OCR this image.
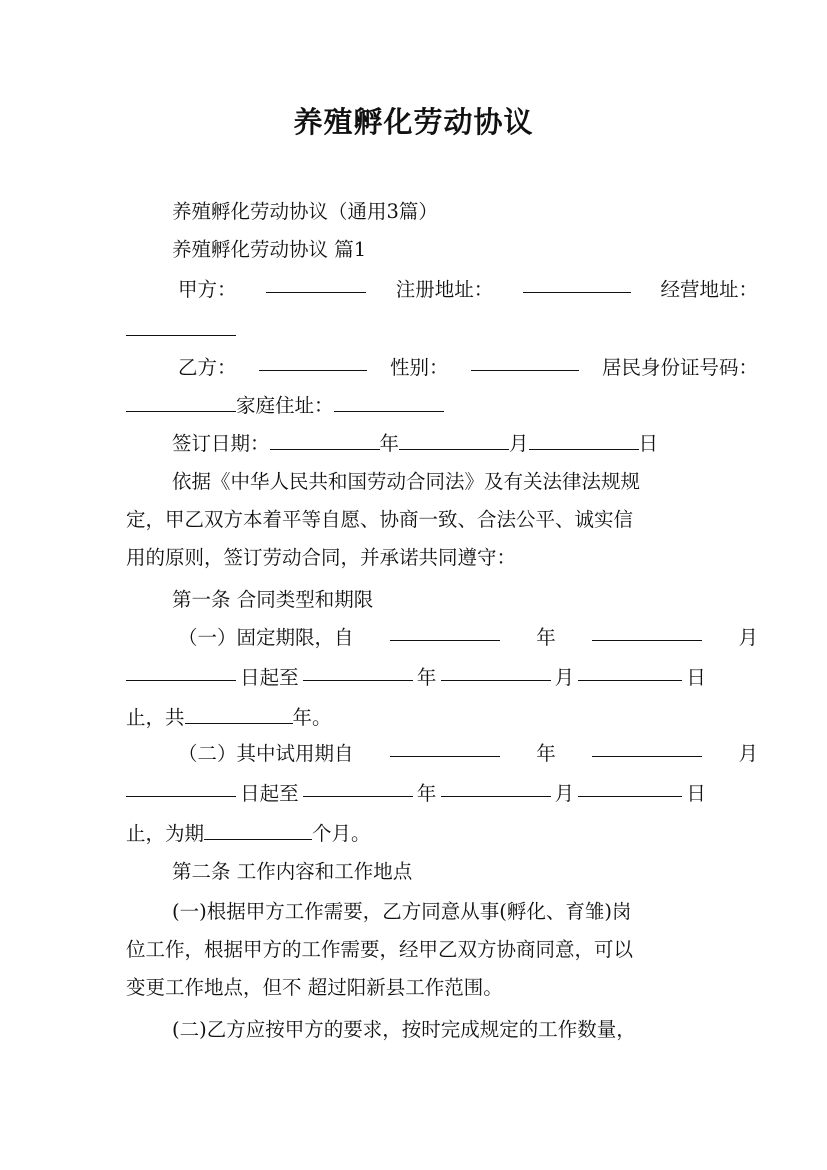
养殖孵化劳动协议
养殖孵化劳动协议（通用3篇）
养殖孵化劳动协议 篇1
甲方：	注册地址：	经营地址：
乙方：	性别：	居民身份证号码：
家庭住址：
签订日期：	年	月	日
依据《中华人民共和国劳动合同法》及有关法律法规规
定，甲乙双方本着平等自愿、协商一致、合法公平、诚实信
用的原则，签订劳动合同，并承诺共同遵守：
第一条 合同类型和期限
（一）固定期限，自	年	月
日起至	年	月	日
止，共	年。
（二）其中试用期自	年	月
日起至	年	月	日
止，为期	个月。
第二条 工作内容和工作地点
(一)根据甲方工作需要，乙方同意从事(孵化、育雏)岗
位工作，根据甲方的工作需要，经甲乙双方协商同意，可以
变更工作地点，但不 超过阳新县工作范围。
(二)乙方应按甲方的要求，按时完成规定的工作数量，
